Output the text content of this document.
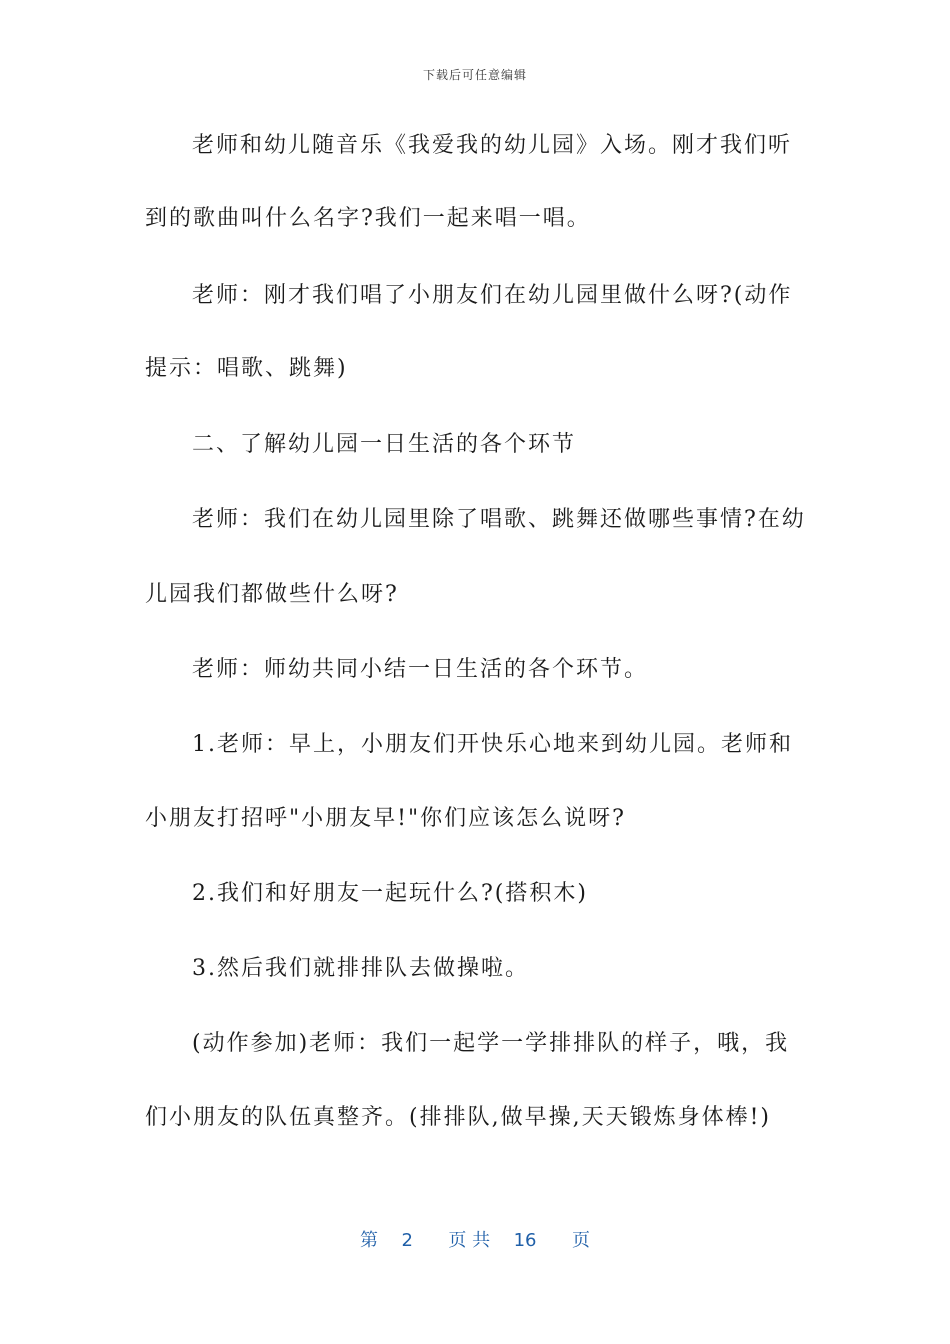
下载后可任意编辑
老师和幼儿随音乐《我爱我的幼儿园》入场。刚才我们听
到的歌曲叫什么名字?我们一起来唱一唱。
老师：刚才我们唱了小朋友们在幼儿园里做什么呀?(动作
提示：唱歌、跳舞)
二、了解幼儿园一日生活的各个环节
老师：我们在幼儿园里除了唱歌、跳舞还做哪些事情?在幼
儿园我们都做些什么呀?
老师：师幼共同小结一日生活的各个环节。
1.老师：早上，小朋友们开快乐心地来到幼儿园。老师和
小朋友打招呼"小朋友早!"你们应该怎么说呀?
2.我们和好朋友一起玩什么?(搭积木)
3.然后我们就排排队去做操啦。
(动作参加)老师：我们一起学一学排排队的样子，哦，我
们小朋友的队伍真整齐。(排排队,做早操,天天锻炼身体棒!)
第 2 页 共 16 页
